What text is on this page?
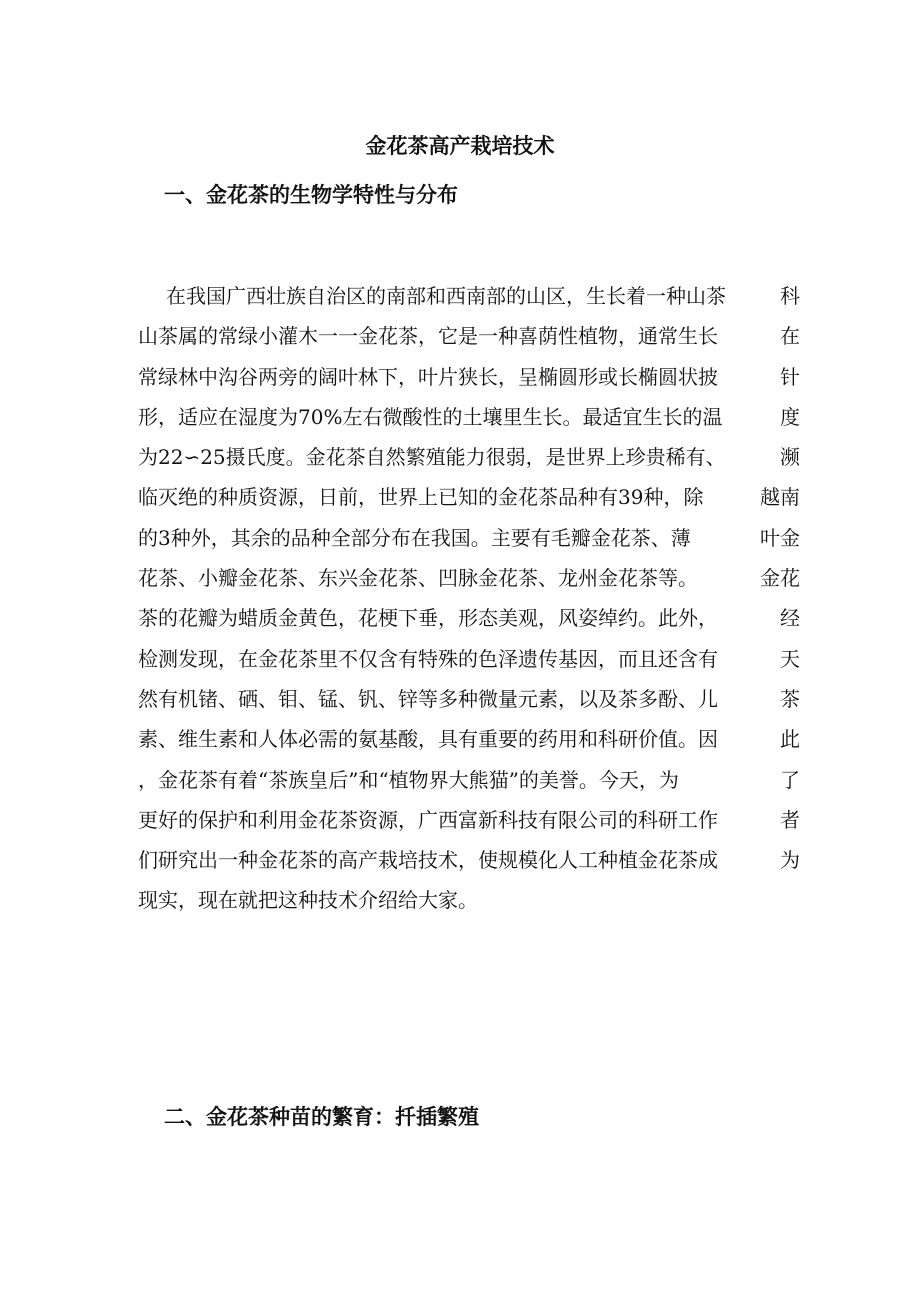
金花茶高产栽培技术
一、金花茶的生物学特性与分布
在我国广西壮族自治区的南部和西南部的山区，生长着一种山茶	科
山茶属的常绿小灌木一一金花茶，它是一种喜荫性植物，通常生长	在
常绿林中沟谷两旁的阔叶林下，叶片狭长，呈椭圆形或长椭圆状披	针
形，适应在湿度为70%左右微酸性的土壤里生长。最适宜生长的温	度
为22∽25摄氏度。金花茶自然繁殖能力很弱，是世界上珍贵稀有、	濒
临灭绝的种质资源，日前，世界上已知的金花茶品种有39种，除	越南
的3种外，其余的品种全部分布在我国。主要有毛瓣金花茶、薄	叶金
花茶、小瓣金花茶、东兴金花茶、凹脉金花茶、龙州金花茶等。	金花
茶的花瓣为蜡质金黄色，花梗下垂，形态美观，风姿绰约。此外，	经
检测发现，在金花茶里不仅含有特殊的色泽遗传基因，而且还含有	天
然有机锗、硒、钼、锰、钒、锌等多种微量元素，以及茶多酚、儿	茶
素、维生素和人体必需的氨基酸，具有重要的药用和科研价值。因	此
，金花茶有着“茶族皇后”和“植物界大熊猫”的美誉。今天，为	了
更好的保护和利用金花茶资源，广西富新科技有限公司的科研工作	者
们研究出一种金花茶的高产栽培技术，使规模化人工种植金花茶成	为
现实，现在就把这种技术介绍给大家。
二、金花茶种苗的繁育：扦插繁殖
